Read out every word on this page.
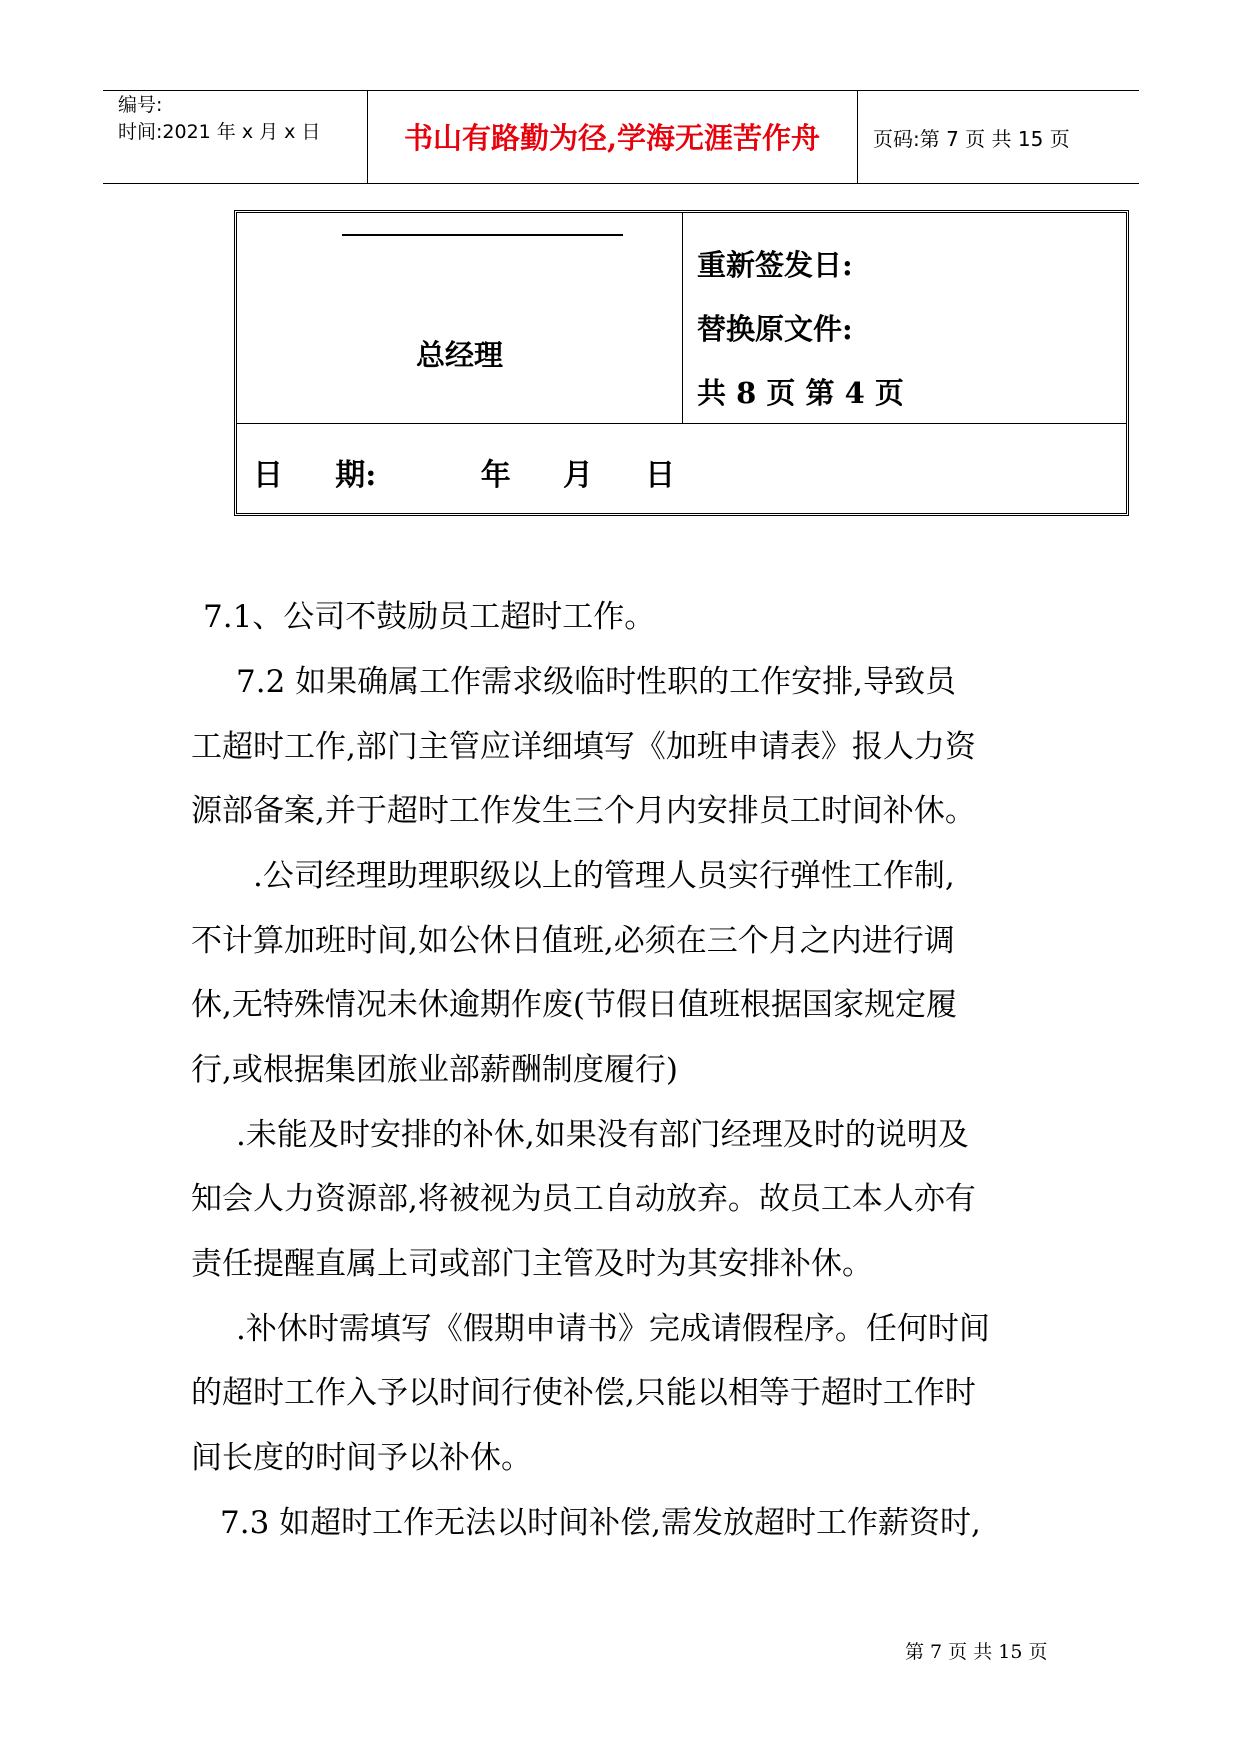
编号:
时间:2021 年 x 月 x 日	书山有路勤为径,学海无涯苦作舟	页码:第 7 页 共 15 页
总经理
重新签发日:
替换原文件:
共 8 页 第 4 页
日     期:          年     月     日
7.1、公司不鼓励员工超时工作。
7.2 如果确属工作需求级临时性职的工作安排,导致员
工超时工作,部门主管应详细填写《加班申请表》报人力资
源部备案,并于超时工作发生三个月内安排员工时间补休。
.公司经理助理职级以上的管理人员实行弹性工作制,
不计算加班时间,如公休日值班,必须在三个月之内进行调
休,无特殊情况未休逾期作废(节假日值班根据国家规定履
行,或根据集团旅业部薪酬制度履行)
.未能及时安排的补休,如果没有部门经理及时的说明及
知会人力资源部,将被视为员工自动放弃。故员工本人亦有
责任提醒直属上司或部门主管及时为其安排补休。
.补休时需填写《假期申请书》完成请假程序。任何时间
的超时工作入予以时间行使补偿,只能以相等于超时工作时
间长度的时间予以补休。
7.3 如超时工作无法以时间补偿,需发放超时工作薪资时,
第 7 页 共 15 页
